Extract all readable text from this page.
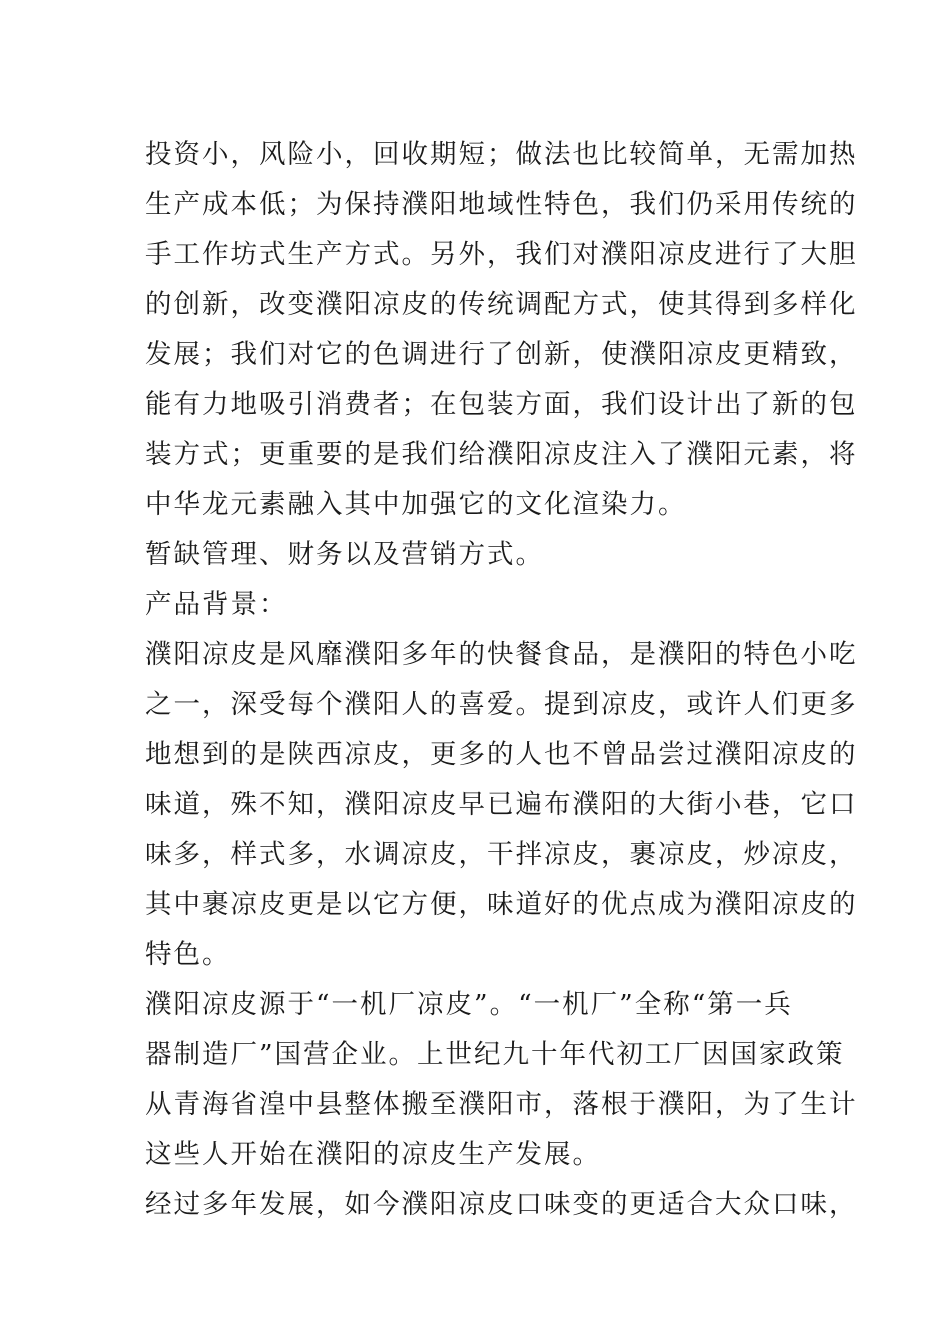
投资小，风险小，回收期短；做法也比较简单，无需加热
生产成本低；为保持濮阳地域性特色，我们仍采用传统的
手工作坊式生产方式。另外，我们对濮阳凉皮进行了大胆
的创新，改变濮阳凉皮的传统调配方式，使其得到多样化
发展；我们对它的色调进行了创新，使濮阳凉皮更精致，
能有力地吸引消费者；在包装方面，我们设计出了新的包
装方式；更重要的是我们给濮阳凉皮注入了濮阳元素，将
中华龙元素融入其中加强它的文化渲染力。
暂缺管理、财务以及营销方式。
产品背景：
濮阳凉皮是风靡濮阳多年的快餐食品，是濮阳的特色小吃
之一，深受每个濮阳人的喜爱。提到凉皮，或许人们更多
地想到的是陕西凉皮，更多的人也不曾品尝过濮阳凉皮的
味道，殊不知，濮阳凉皮早已遍布濮阳的大街小巷，它口
味多，样式多，水调凉皮，干拌凉皮，裹凉皮，炒凉皮，
其中裹凉皮更是以它方便，味道好的优点成为濮阳凉皮的
特色。
濮阳凉皮源于“一机厂凉皮”。“一机厂”全称“第一兵
器制造厂”国营企业。上世纪九十年代初工厂因国家政策
从青海省湟中县整体搬至濮阳市，落根于濮阳，为了生计
这些人开始在濮阳的凉皮生产发展。
经过多年发展，如今濮阳凉皮口味变的更适合大众口味，
